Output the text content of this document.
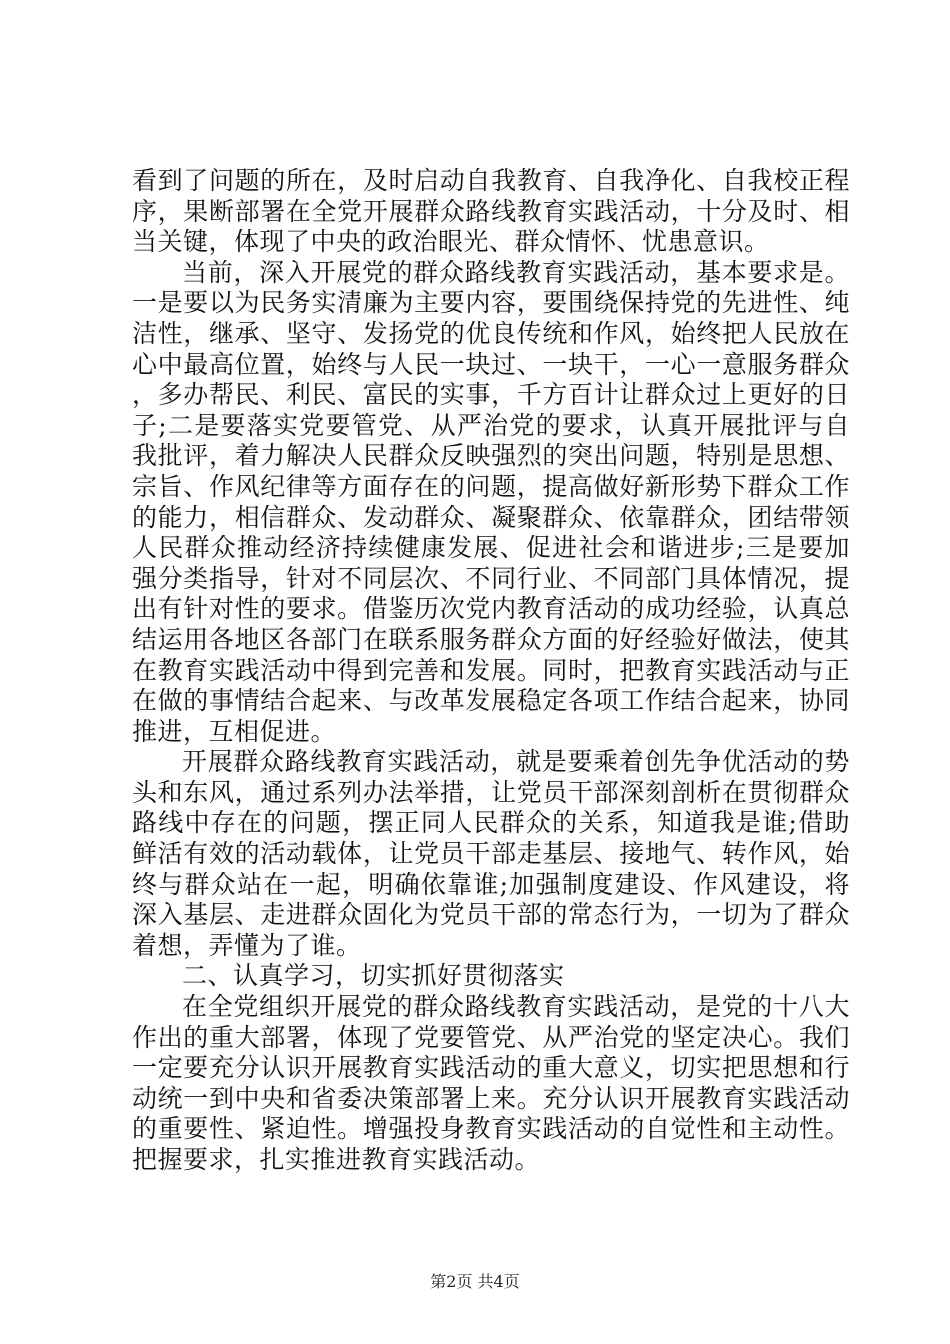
看到了问题的所在，及时启动自我教育、自我净化、自我校正程序，果断部署在全党开展群众路线教育实践活动，十分及时、相当关键，体现了中央的政治眼光、群众情怀、忧患意识。

当前，深入开展党的群众路线教育实践活动，基本要求是。一是要以为民务实清廉为主要内容，要围绕保持党的先进性、纯洁性，继承、坚守、发扬党的优良传统和作风，始终把人民放在心中最高位置，始终与人民一块过、一块干，一心一意服务群众，多办帮民、利民、富民的实事，千方百计让群众过上更好的日子;二是要落实党要管党、从严治党的要求，认真开展批评与自我批评，着力解决人民群众反映强烈的突出问题，特别是思想、宗旨、作风纪律等方面存在的问题，提高做好新形势下群众工作的能力，相信群众、发动群众、凝聚群众、依靠群众，团结带领人民群众推动经济持续健康发展、促进社会和谐进步;三是要加强分类指导，针对不同层次、不同行业、不同部门具体情况，提出有针对性的要求。借鉴历次党内教育活动的成功经验，认真总结运用各地区各部门在联系服务群众方面的好经验好做法，使其在教育实践活动中得到完善和发展。同时，把教育实践活动与正在做的事情结合起来、与改革发展稳定各项工作结合起来，协同推进，互相促进。

开展群众路线教育实践活动，就是要乘着创先争优活动的势头和东风，通过系列办法举措，让党员干部深刻剖析在贯彻群众路线中存在的问题，摆正同人民群众的关系，知道我是谁;借助鲜活有效的活动载体，让党员干部走基层、接地气、转作风，始终与群众站在一起，明确依靠谁;加强制度建设、作风建设，将深入基层、走进群众固化为党员干部的常态行为，一切为了群众着想，弄懂为了谁。

二、认真学习，切实抓好贯彻落实

在全党组织开展党的群众路线教育实践活动，是党的十八大作出的重大部署，体现了党要管党、从严治党的坚定决心。我们一定要充分认识开展教育实践活动的重大意义，切实把思想和行动统一到中央和省委决策部署上来。充分认识开展教育实践活动的重要性、紧迫性。增强投身教育实践活动的自觉性和主动性。把握要求，扎实推进教育实践活动。

第2页 共4页
